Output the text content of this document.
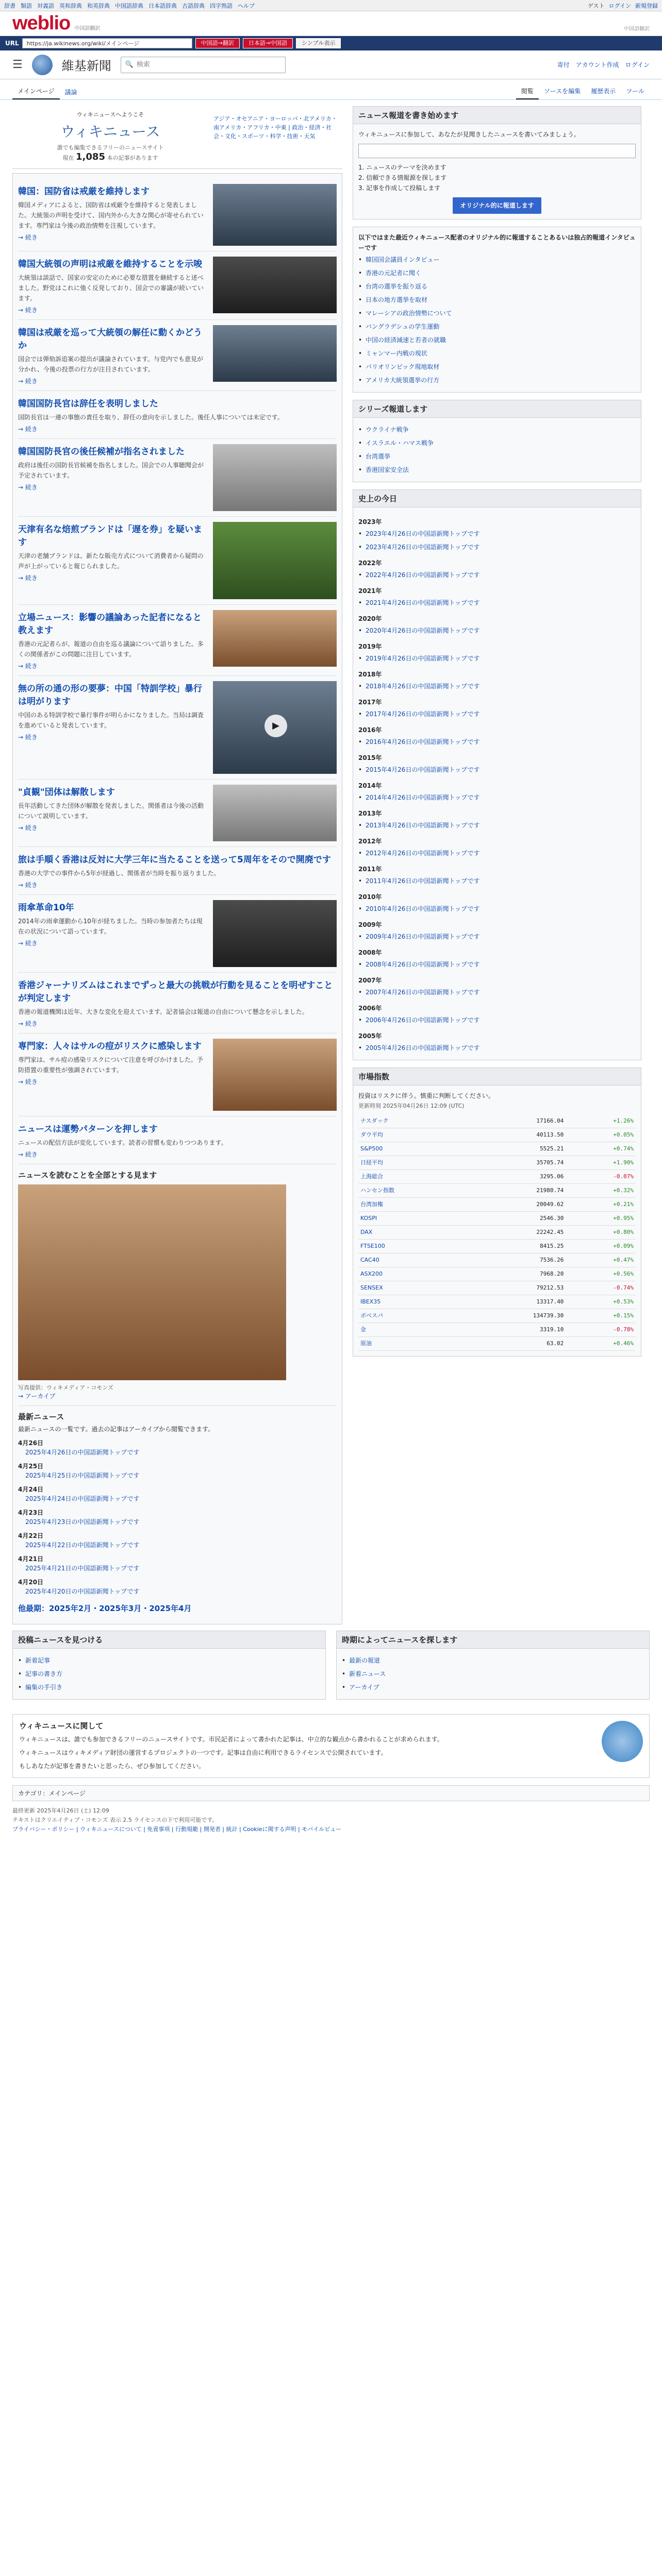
辞書 類語 対義語 英和辞典 和英辞典 中国語辞典 日本語辞典 古語辞典 四字熟語 ヘルプ	ゲスト ログイン 新規登録
weblio 中国語翻訳	中国語翻訳
URL	https://ja.wikinews.org/wiki/メインページ	中国語→翻訳	日本語→中国語	シンプル表示
☰	維基新聞 🔍
検索	寄付 アカウント作成 ログイン
メインページ	議論	閲覧	ソースを編集	履歴表示	ツール
ウィキニュースへようこそ
ウィキニュース
誰でも編集できるフリーのニュースサイト
現在 1,085 本の記事があります
アジア・オセアニア・ヨーロッパ・北アメリカ・南アメリカ・アフリカ・中東 | 政治・経済・社会・文化・スポーツ・科学・技術・天気
韓国：国防省は戒厳を維持します
韓国メディアによると、国防省は戒厳令を維持すると発表しました。大統領の声明を受けて、国内外から大きな関心が寄せられています。専門家は今後の政治情勢を注視しています。
→ 続き
韓国大統領の声明は戒厳を維持することを示唆
大統領は談話で、国家の安定のために必要な措置を継続すると述べました。野党はこれに強く反発しており、国会での審議が続いています。
→ 続き
韓国は戒厳を巡って大統領の解任に動くかどうか
国会では弾劾訴追案の提出が議論されています。与党内でも意見が分かれ、今後の投票の行方が注目されています。
→ 続き
韓国国防長官は辞任を表明しました
国防長官は一連の事態の責任を取り、辞任の意向を示しました。後任人事については未定です。
→ 続き
韓国国防長官の後任候補が指名されました
政府は後任の国防長官候補を指名しました。国会での人事聴聞会が予定されています。
→ 続き
天津有名な焙煎ブランドは「遅を券」を疑います
天津の老舗ブランドは、新たな販売方式について消費者から疑問の声が上がっていると報じられました。
→ 続き
立場ニュース：影響の議論あった記者になると教えます
香港の元記者らが、報道の自由を巡る議論について語りました。多くの関係者がこの問題に注目しています。
→ 続き
無の所の通の形の要夢：中国「特訓学校」暴行は明がります
中国のある特訓学校で暴行事件が明らかになりました。当局は調査を進めていると発表しています。
→ 続き
▶
"貞観"団体は解散します
長年活動してきた団体が解散を発表しました。関係者は今後の活動について説明しています。
→ 続き
旅は手順く香港は反対に大学三年に当たることを送って5周年をそので開廃です
香港の大学での事件から5年が経過し、関係者が当時を振り返りました。
→ 続き
雨傘革命10年
2014年の雨傘運動から10年が経ちました。当時の参加者たちは現在の状況について語っています。
→ 続き
香港ジャーナリズムはこれまでずっと最大の挑戦が行動を見ることを明ぜすことが判定します
香港の報道機関は近年、大きな変化を迎えています。記者協会は報道の自由について懸念を示しました。
→ 続き
専門家：人々はサルの痘がリスクに感染します
専門家は、サル痘の感染リスクについて注意を呼びかけました。予防措置の重要性が強調されています。
→ 続き
ニュースは運勢パターンを押します
ニュースの配信方法が変化しています。読者の習慣も変わりつつあります。
→ 続き
ニュースを読むことを全部とする見ます
写真提供：ウィキメディア・コモンズ
→ アーカイブ
最新ニュース
最新ニュースの一覧です。過去の記事はアーカイブから閲覧できます。
4月26日
2025年4月26日の中国語新聞トップです
4月25日
2025年4月25日の中国語新聞トップです
4月24日
2025年4月24日の中国語新聞トップです
4月23日
2025年4月23日の中国語新聞トップです
4月22日
2025年4月22日の中国語新聞トップです
4月21日
2025年4月21日の中国語新聞トップです
4月20日
2025年4月20日の中国語新聞トップです
他最期：2025年2月・2025年3月・2025年4月
ニュース報道を書き始めます
ウィキニュースに参加して、あなたが見聞きしたニュースを書いてみましょう。
1. ニュースのテーマを決めます
2. 信頼できる情報源を探します
3. 記事を作成して投稿します
オリジナル的に報道します
以下ではまた最近ウィキニュース配者のオリジナル的に報道することあるいは独占的報道インタビューです
• 韓国国会議員インタビュー
• 香港の元記者に聞く
• 台湾の選挙を振り返る
• 日本の地方選挙を取材
• マレーシアの政治情勢について
• バングラデシュの学生運動
• 中国の経済減速と若者の就職
• ミャンマー内戦の現状
• パリオリンピック現地取材
• アメリカ大統領選挙の行方
シリーズ報道します
• ウクライナ戦争
• イスラエル・ハマス戦争
• 台湾選挙
• 香港国家安全法
史上の今日
2023年
• 2023年4月26日の中国語新聞トップです
• 2023年4月26日の中国語新聞トップです
2022年
• 2022年4月26日の中国語新聞トップです
2021年
• 2021年4月26日の中国語新聞トップです
2020年
• 2020年4月26日の中国語新聞トップです
2019年
• 2019年4月26日の中国語新聞トップです
2018年
• 2018年4月26日の中国語新聞トップです
2017年
• 2017年4月26日の中国語新聞トップです
2016年
• 2016年4月26日の中国語新聞トップです
2015年
• 2015年4月26日の中国語新聞トップです
2014年
• 2014年4月26日の中国語新聞トップです
2013年
• 2013年4月26日の中国語新聞トップです
2012年
• 2012年4月26日の中国語新聞トップです
2011年
• 2011年4月26日の中国語新聞トップです
2010年
• 2010年4月26日の中国語新聞トップです
2009年
• 2009年4月26日の中国語新聞トップです
2008年
• 2008年4月26日の中国語新聞トップです
2007年
• 2007年4月26日の中国語新聞トップです
2006年
• 2006年4月26日の中国語新聞トップです
2005年
• 2005年4月26日の中国語新聞トップです
市場指数
投資はリスクに伴う。慎重に判断してください。
更新時刻 2025年04月26日 12:09 (UTC)
ナスダック	17166.04	+1.26%
ダウ平均	40113.50	+0.05%
S&P500	5525.21	+0.74%
日経平均	35705.74	+1.90%
上海総合	3295.06	-0.07%
ハンセン指数	21980.74	+0.32%
台湾加権	20049.62	+0.21%
KOSPI	2546.30	+0.95%
DAX	22242.45	+0.80%
FTSE100	8415.25	+0.09%
CAC40	7536.26	+0.47%
ASX200	7968.20	+0.56%
SENSEX	79212.53	-0.74%
IBEX35	13317.40	+0.53%
ボベスパ	134739.30	+0.15%
金	3319.10	-0.78%
原油	63.02	+0.46%
投稿ニュースを見つける
• 新着記事
• 記事の書き方
• 編集の手引き
時期によってニュースを探します
• 最新の報道
• 新着ニュース
• アーカイブ
ウィキニュースに関して

ウィキニュースは、誰でも参加できるフリーのニュースサイトです。市民記者によって書かれた記事は、中立的な観点から書かれることが求められます。

ウィキニュースはウィキメディア財団の運営するプロジェクトの一つです。記事は自由に利用できるライセンスで公開されています。

もしあなたが記事を書きたいと思ったら、ぜひ参加してください。

カテゴリ：メインページ
最終更新 2025年4月26日 (土) 12:09
テキストはクリエイティブ・コモンズ 表示 2.5 ライセンスの下で利用可能です。
プライバシー・ポリシー | ウィキニュースについて | 免責事項 | 行動規範 | 開発者 | 統計 | Cookieに関する声明 | モバイルビュー
